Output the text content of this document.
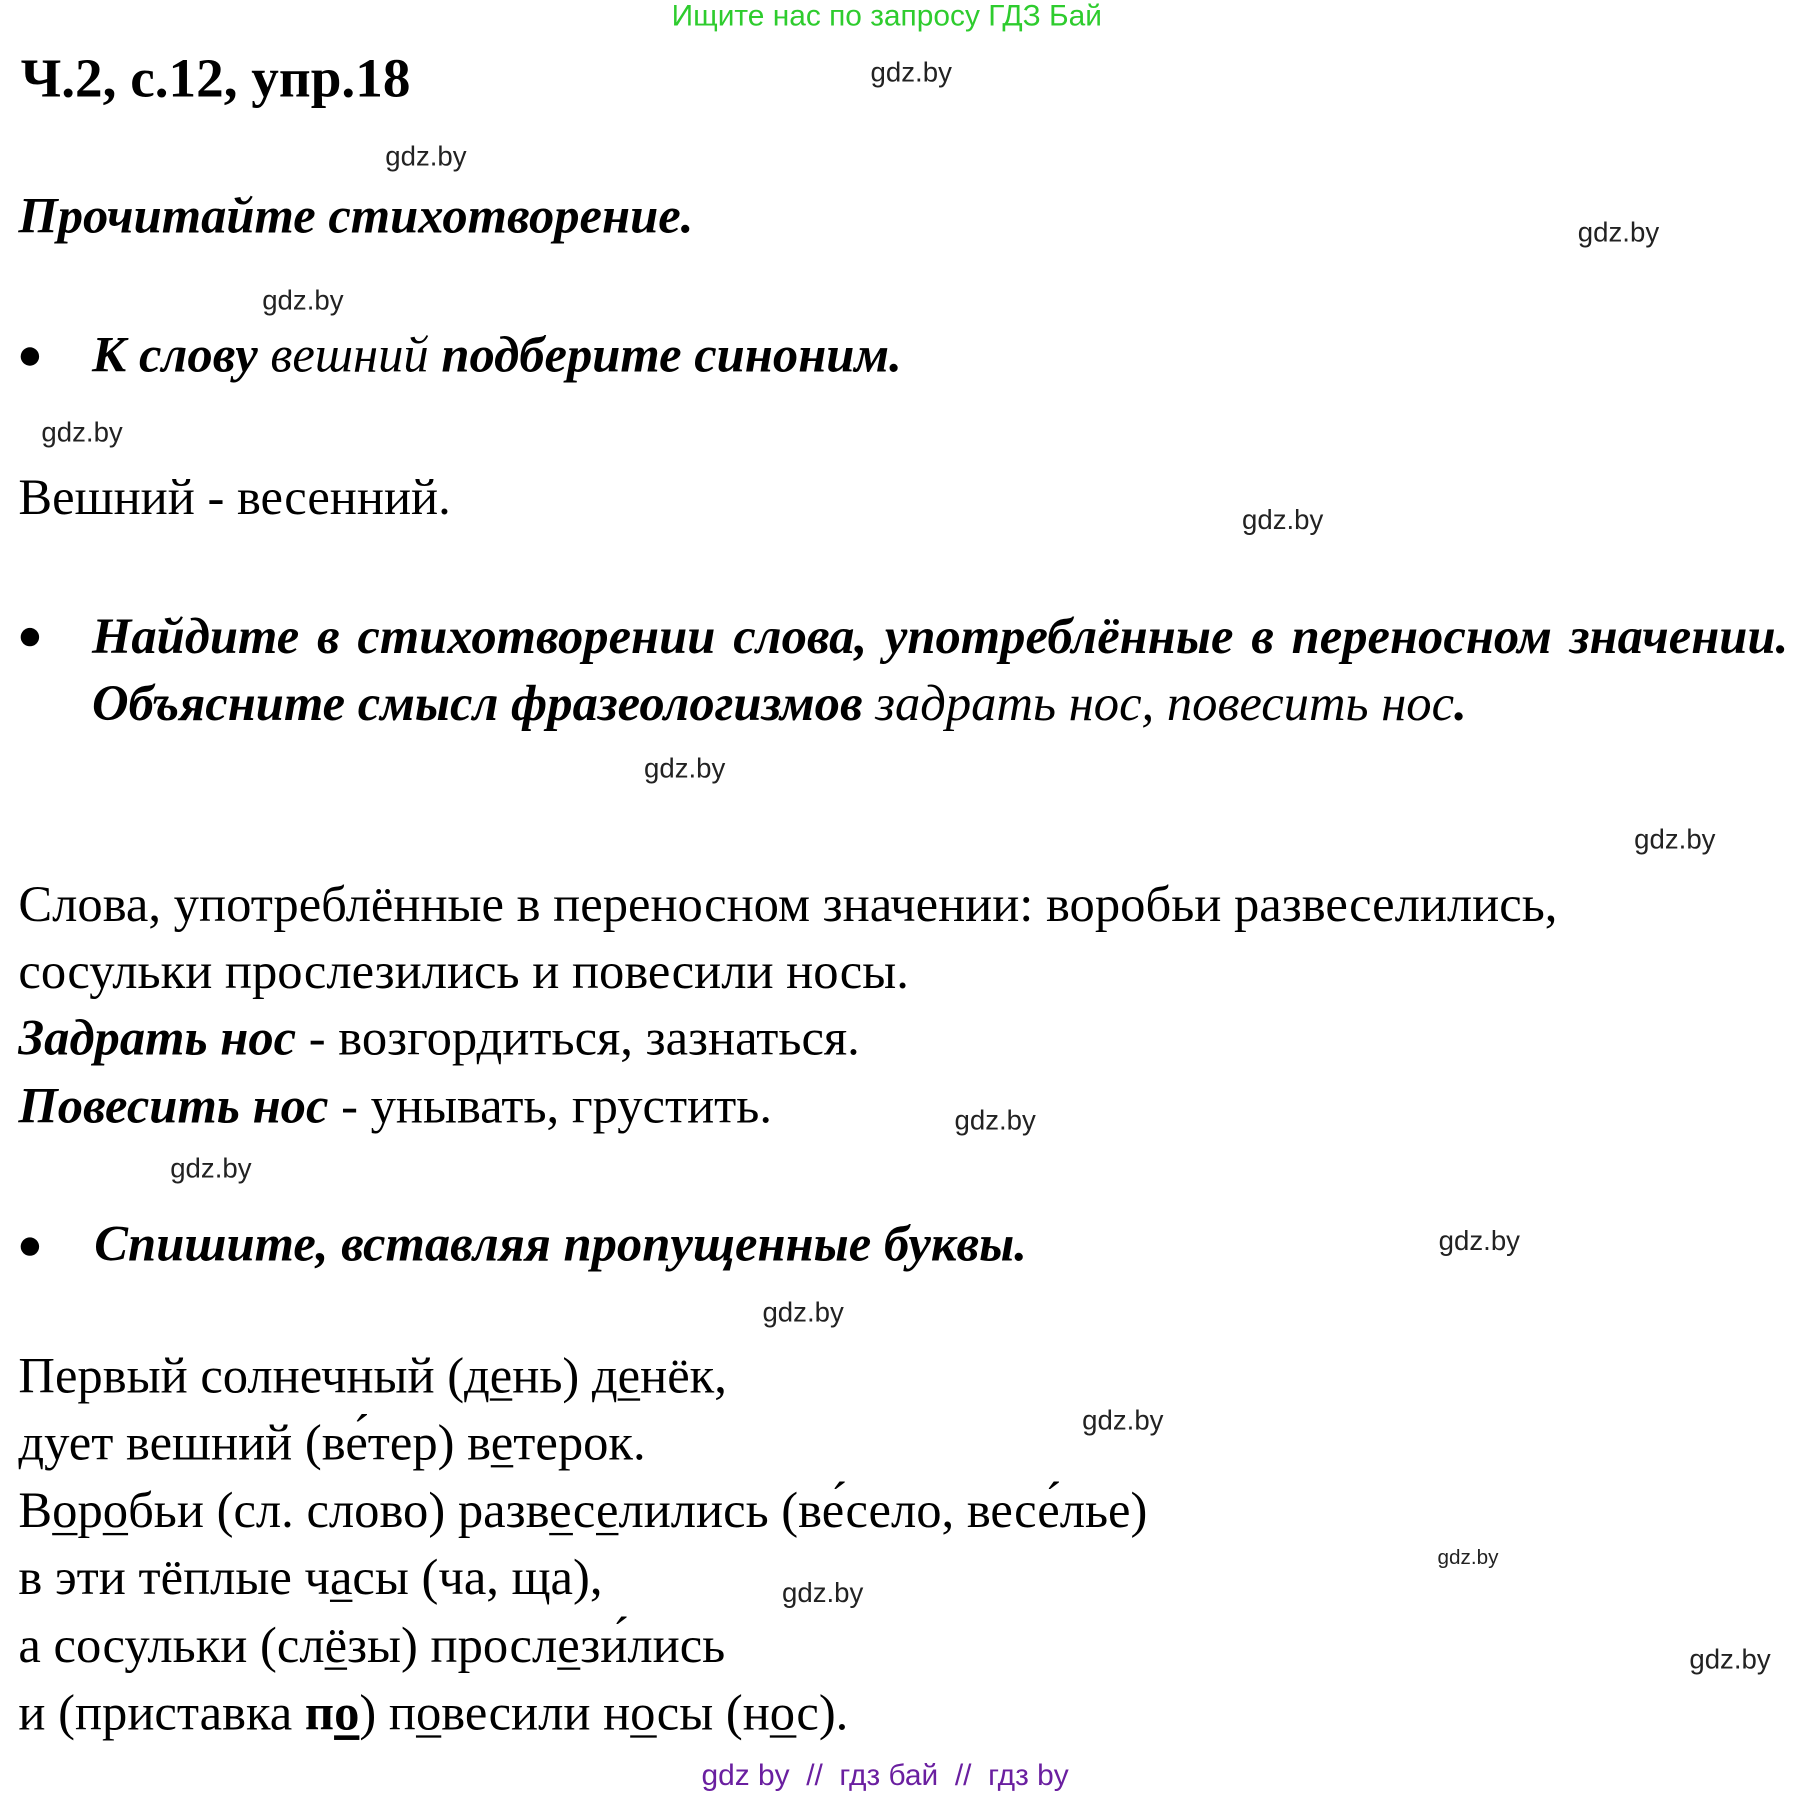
Ищите нас по запросу ГДЗ Бай
Ч.2, с.12, упр.18
Прочитайте стихотворение.
К слову вешний подберите синоним.
Вешний - весенний.
Найдите в стихотворении слова, употреблённые в переносном значении. Объясните смысл фразеологизмов задрать нос, повесить нос.
Слова, употреблённые в переносном значении: воробьи развеселились,
сосульки прослезились и повесили носы.
Задрать нос - возгордиться, зазнаться.
Повесить нос - унывать, грустить.
Спишите, вставляя пропущенные буквы.
Первый солнечный (день) денёк,
дует вешний (ве́тер) ветерок.
Воробьи (сл. слово) развеселились (ве́село, весе́лье)
в эти тёплые часы (ча, ща),
а сосульки (слёзы) прослези́лись
и (приставка по) повесили носы (нос).
gdz.by
gdz.by
gdz.by
gdz.by
gdz.by
gdz.by
gdz.by
gdz.by
gdz.by
gdz.by
gdz.by
gdz.by
gdz.by
gdz.by
gdz.by
gdz.by
gdz by  //  гдз бай  //  гдз by
